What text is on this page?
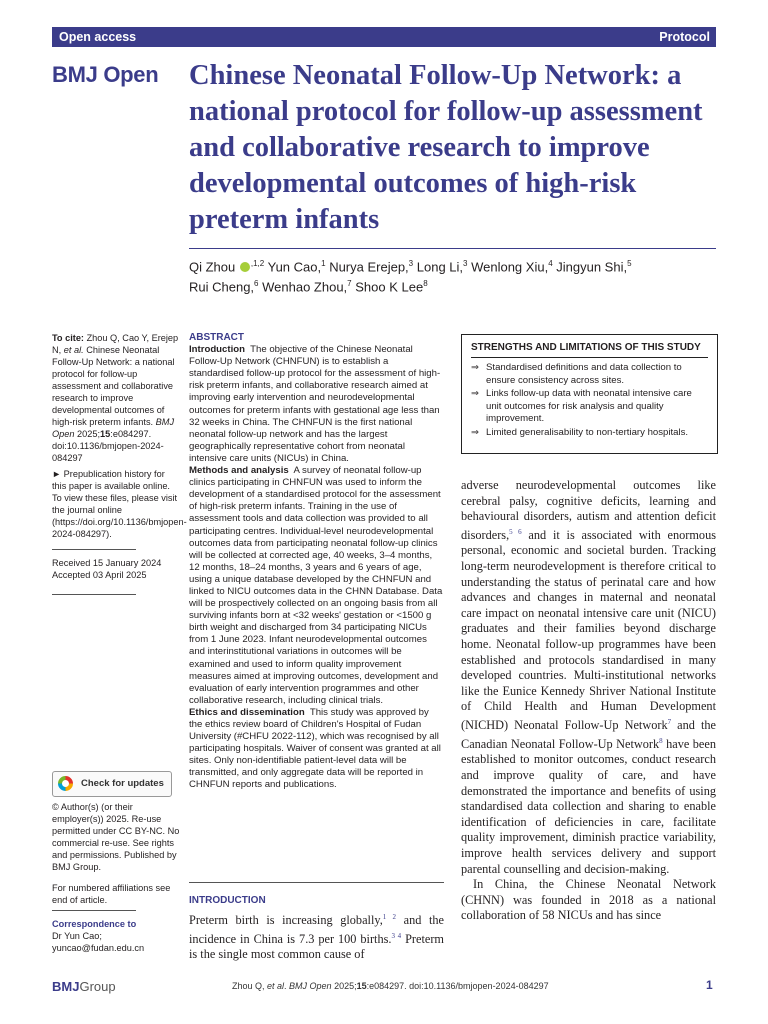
Open access	Protocol
BMJ Open Chinese Neonatal Follow-Up Network: a national protocol for follow-up assessment and collaborative research to improve developmental outcomes of high-risk preterm infants
Qi Zhou $^{,1,2}$ Yun Cao,$^1$ Nurya Erejep,$^3$ Long Li,$^3$ Wenlong Xiu,$^4$ Jingyun Shi,$^5$
Rui Cheng,$^6$ Wenhao Zhou,$^7$ Shoo K Lee$^8$
To cite: Zhou Q, Cao Y, Erejep N, et al. Chinese Neonatal Follow-Up Network: a national protocol for follow-up assessment and collaborative research to improve developmental outcomes of high-risk preterm infants. BMJ Open 2025;15:e084297. doi:10.1136/bmjopen-2024-084297
► Prepublication history for this paper is available online. To view these files, please visit the journal online (https://doi.org/10.1136/bmjopen-2024-084297).
Received 15 January 2024
Accepted 03 April 2025
Check for updates
© Author(s) (or their employer(s)) 2025. Re-use permitted under CC BY-NC. No commercial re-use. See rights and permissions. Published by BMJ Group.
For numbered affiliations see end of article.
Correspondence to
Dr Yun Cao;
yuncao@fudan.edu.cn
ABSTRACT
Introduction The objective of the Chinese Neonatal Follow-Up Network (CHNFUN) is to establish a standardised follow-up protocol for the assessment of high-risk preterm infants, and collaborative research aimed at improving early intervention and neurodevelopmental outcomes for preterm infants with gestational age less than 32 weeks in China. The CHNFUN is the first national neonatal follow-up network and has the largest geographically representative cohort from neonatal intensive care units (NICUs) in China.
Methods and analysis A survey of neonatal follow-up clinics participating in CHNFUN was used to inform the development of a standardised protocol for the assessment of high-risk preterm infants. Training in the use of assessment tools and data collection was provided to all participating centres. Individual-level neurodevelopmental outcomes data from participating neonatal follow-up clinics will be collected at corrected age, 40 weeks, 3–4 months, 12 months, 18–24 months, 3 years and 6 years of age, using a unique database developed by the CHNFUN and linked to NICU outcomes data in the CHNN Database. Data will be prospectively collected on an ongoing basis from all surviving infants born at <32 weeks' gestation or <1500 g birth weight and discharged from 34 participating NICUs from 1 June 2023. Infant neurodevelopmental outcomes and interinstitutional variations in outcomes will be examined and used to inform quality improvement measures aimed at improving outcomes, development and evaluation of early intervention programmes and other collaborative research, including clinical trials.
Ethics and dissemination This study was approved by the ethics review board of Children's Hospital of Fudan University (#CHFU 2022-112), which was recognised by all participating hospitals. Waiver of consent was granted at all sites. Only non-identifiable patient-level data will be transmitted, and only aggregate data will be reported in CHNFUN reports and publications.
INTRODUCTION
Preterm birth is increasing globally,$^{1 2}$ and the incidence in China is 7.3 per 100 births.$^{3 4}$ Preterm is the single most common cause of
STRENGTHS AND LIMITATIONS OF THIS STUDY
⇒ Standardised definitions and data collection to ensure consistency across sites.
⇒ Links follow-up data with neonatal intensive care unit outcomes for risk analysis and quality improvement.
⇒ Limited generalisability to non-tertiary hospitals.

adverse neurodevelopmental outcomes like cerebral palsy, cognitive deficits, learning and behavioural disorders, autism and attention deficit disorders,$^{5 6}$ and it is associated with enormous personal, economic and societal burden. Tracking long-term neurodevelopment is therefore critical to understanding the status of perinatal care and how advances and changes in maternal and neonatal care impact on neonatal intensive care unit (NICU) graduates and their families beyond discharge home. Neonatal follow-up programmes have been established and protocols standardised in many developed countries. Multi-institutional networks like the Eunice Kennedy Shriver National Institute of Child Health and Human Development (NICHD) Neonatal Follow-Up Network$^7$ and the Canadian Neonatal Follow-Up Network$^8$ have been established to monitor outcomes, conduct research and improve quality of care, and have demonstrated the importance and benefits of using standardised data collection and sharing to enable identification of deficiencies in care, facilitate quality improvement, diminish practice variability, improve health services delivery and support parental counselling and decision-making.

In China, the Chinese Neonatal Network (CHNN) was founded in 2018 as a national collaboration of 58 NICUs and has since

BMJGroup	Zhou Q, et al. BMJ Open 2025;15:e084297. doi:10.1136/bmjopen-2024-084297	1
